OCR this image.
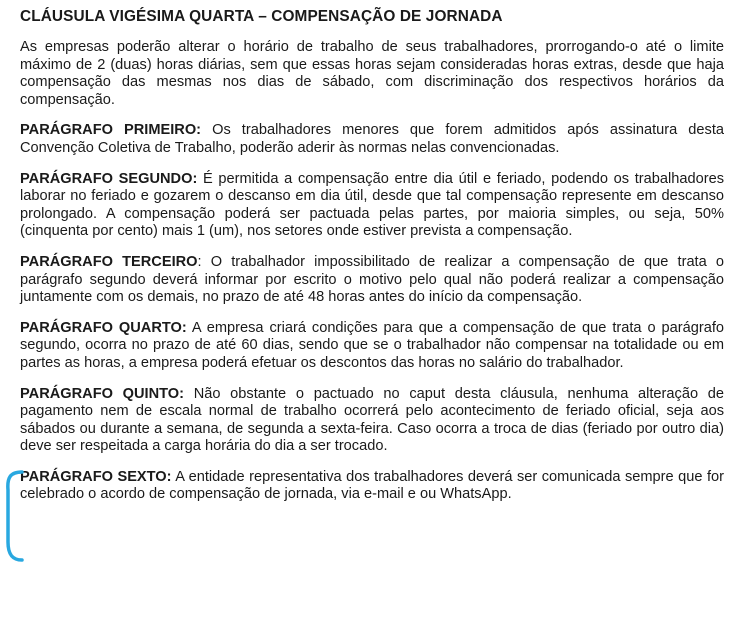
CLÁUSULA VIGÉSIMA QUARTA – COMPENSAÇÃO DE JORNADA

As empresas poderão alterar o horário de trabalho de seus trabalhadores, prorrogando-o até o limite máximo de 2 (duas) horas diárias, sem que essas horas sejam consideradas horas extras, desde que haja compensação das mesmas nos dias de sábado, com discriminação dos respectivos horários da compensação.

PARÁGRAFO PRIMEIRO: Os trabalhadores menores que forem admitidos após assinatura desta Convenção Coletiva de Trabalho, poderão aderir às normas nelas convencionadas.

PARÁGRAFO SEGUNDO: É permitida a compensação entre dia útil e feriado, podendo os trabalhadores laborar no feriado e gozarem o descanso em dia útil, desde que tal compensação represente em descanso prolongado. A compensação poderá ser pactuada pelas partes, por maioria simples, ou seja, 50% (cinquenta por cento) mais 1 (um), nos setores onde estiver prevista a compensação.

PARÁGRAFO TERCEIRO: O trabalhador impossibilitado de realizar a compensação de que trata o parágrafo segundo deverá informar por escrito o motivo pelo qual não poderá realizar a compensação juntamente com os demais, no prazo de até 48 horas antes do início da compensação.

PARÁGRAFO QUARTO: A empresa criará condições para que a compensação de que trata o parágrafo segundo, ocorra no prazo de até 60 dias, sendo que se o trabalhador não compensar na totalidade ou em partes as horas, a empresa poderá efetuar os descontos das horas no salário do trabalhador.

PARÁGRAFO QUINTO: Não obstante o pactuado no caput desta cláusula, nenhuma alteração de pagamento nem de escala normal de trabalho ocorrerá pelo acontecimento de feriado oficial, seja aos sábados ou durante a semana, de segunda a sexta-feira. Caso ocorra a troca de dias (feriado por outro dia) deve ser respeitada a carga horária do dia a ser trocado.

PARÁGRAFO SEXTO: A entidade representativa dos trabalhadores deverá ser comunicada sempre que for celebrado o acordo de compensação de jornada, via e-mail e ou WhatsApp.
